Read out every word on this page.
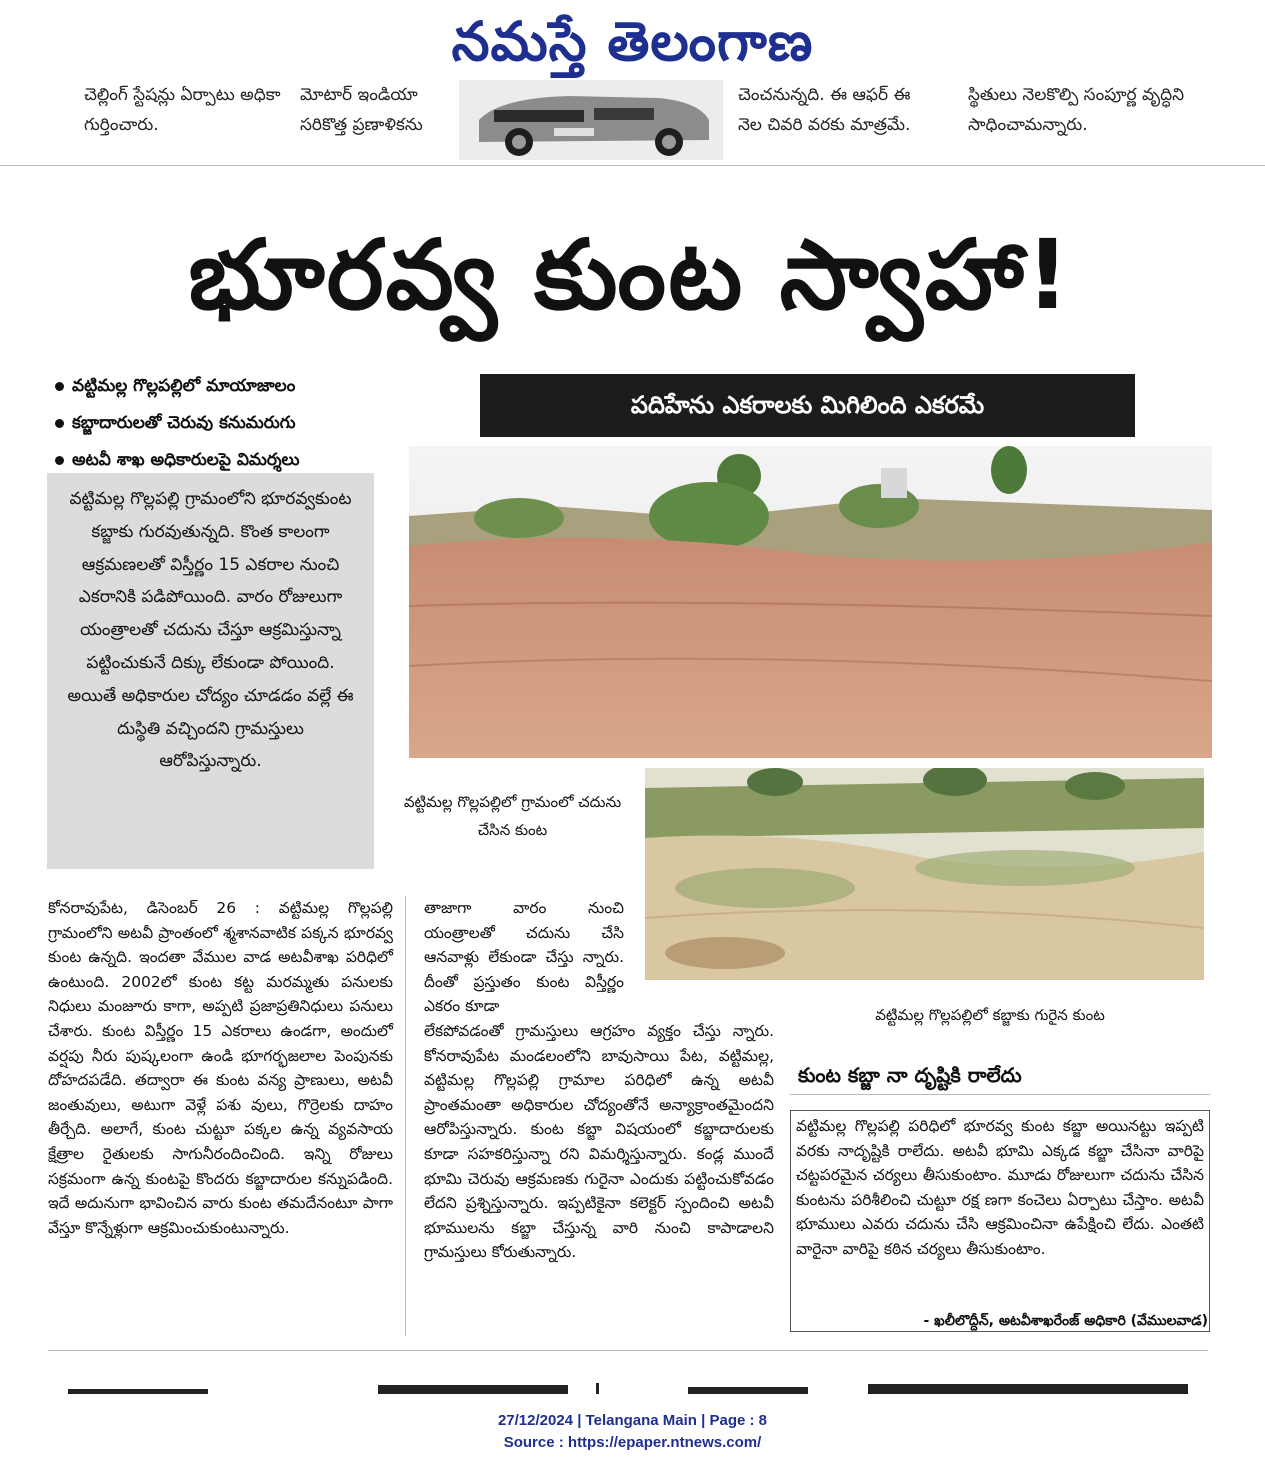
నమస్తే తెలంగాణ
చెల్లింగ్ స్టేషన్లు ఏర్పాటు అధికా
గుర్తించారు.
మోటార్ ఇండియా
సరికొత్త ప్రణాళికను
చెంచనున్నది. ఈ ఆఫర్ ఈ
నెల చివరి వరకు మాత్రమే.
స్థితులు నెలకొల్పి సంపూర్ణ వృద్ధిని
సాధించామన్నారు.
భూరవ్వ కుంట స్వాహా!
వట్టిమల్ల గొల్లపల్లిలో మాయాజాలం
కబ్జాదారులతో చెరువు కనుమరుగు
అటవీ శాఖ అధికారులపై విమర్శలు
పదిహేను ఎకరాలకు మిగిలింది ఎకరమే
వట్టిమల్ల గొల్లపల్లి గ్రామంలోని భూరవ్వకుంట కబ్జాకు గురవుతున్నది. కొంత కాలంగా ఆక్రమణలతో విస్తీర్ణం 15 ఎకరాల నుంచి ఎకరానికి పడిపోయింది. వారం రోజులుగా యంత్రాలతో చదును చేస్తూ ఆక్రమిస్తున్నా పట్టించుకునే దిక్కు లేకుండా పోయింది. అయితే అధికారుల చోద్యం చూడడం వల్లే ఈ దుస్థితి వచ్చిందని గ్రామస్తులు ఆరోపిస్తున్నారు.
వట్టిమల్ల గొల్లపల్లిలో గ్రామంలో చదును చేసిన కుంట
వట్టిమల్ల గొల్లపల్లిలో కబ్జాకు గురైన కుంట
కోనరావుపేట, డిసెంబర్ 26 : వట్టిమల్ల గొల్లపల్లి గ్రామంలోని అటవీ ప్రాంతంలో శ్మశానవాటిక పక్కన భూరవ్వ కుంట ఉన్నది. ఇందతా వేముల వాడ అటవీశాఖ పరిధిలో ఉంటుంది. 2002లో కుంట కట్ట మరమ్మతు పనులకు నిధులు మంజూరు కాగా, అప్పటి ప్రజాప్రతినిధులు పనులు చేశారు. కుంట విస్తీర్ణం 15 ఎకరాలు ఉండగా, అందులో వర్షపు నీరు పుష్కలంగా ఉండి భూగర్భజలాల పెంపునకు దోహదపడేది. తద్వారా ఈ కుంట వన్య ప్రాణులు, అటవీ జంతువులు, అటుగా వెళ్లే పశు వులు, గొర్రెలకు దాహం తీర్చేది. అలాగే, కుంట చుట్టూ పక్కల ఉన్న వ్యవసాయ క్షేత్రాల రైతులకు సాగునీరందించింది. ఇన్ని రోజులు సక్రమంగా ఉన్న కుంటపై కొందరు కబ్జాదారుల కన్నుపడింది. ఇదే అదునుగా భావించిన వారు కుంట తమదేనంటూ పాగా వేస్తూ కొన్నేళ్లుగా ఆక్రమించుకుంటున్నారు.
తాజాగా వారం నుంచి యంత్రాలతో చదును చేసి ఆనవాళ్లు లేకుండా చేస్తు న్నారు. దీంతో ప్రస్తుతం కుంట విస్తీర్ణం ఎకరం కూడా
లేకపోవడంతో గ్రామస్తులు ఆగ్రహం వ్యక్తం చేస్తు న్నారు. కోనరావుపేట మండలంలోని బావుసాయి పేట, వట్టిమల్ల, వట్టిమల్ల గొల్లపల్లి గ్రామాల పరిధిలో ఉన్న అటవీ ప్రాంతమంతా అధికారుల చోద్యంతోనే అన్యాక్రాంతమైందని ఆరోపిస్తున్నారు. కుంట కబ్జా విషయంలో కబ్జాదారులకు కూడా సహకరిస్తున్నా రని విమర్శిస్తున్నారు. కండ్ల ముందే భూమి చెరువు ఆక్రమణకు గురైనా ఎందుకు పట్టించుకోవడం లేదని ప్రశ్నిస్తున్నారు. ఇప్పటికైనా కలెక్టర్ స్పందించి అటవీ భూములను కబ్జా చేస్తున్న వారి నుంచి కాపాడాలని గ్రామస్తులు కోరుతున్నారు.
కుంట కబ్జా నా దృష్టికి రాలేదు
వట్టిమల్ల గొల్లపల్లి పరిధిలో భూరవ్వ కుంట కబ్జా అయినట్టు ఇప్పటి వరకు నాదృష్టికి రాలేదు. అటవీ భూమి ఎక్కడ కబ్జా చేసినా వారిపై చట్టపరమైన చర్యలు తీసుకుంటాం. మూడు రోజులుగా చదును చేసిన కుంటను పరిశీలించి చుట్టూ రక్ష ణగా కంచెలు ఏర్పాటు చేస్తాం. అటవీ భూములు ఎవరు చదును చేసి ఆక్రమించినా ఉపేక్షించి లేదు. ఎంతటి వారైనా వారిపై కఠిన చర్యలు తీసుకుంటాం.
- ఖలీలొద్దీన్, అటవీశాఖరేంజ్ అధికారి (వేములవాడ)
27/12/2024 | Telangana Main | Page : 8
Source : https://epaper.ntnews.com/
